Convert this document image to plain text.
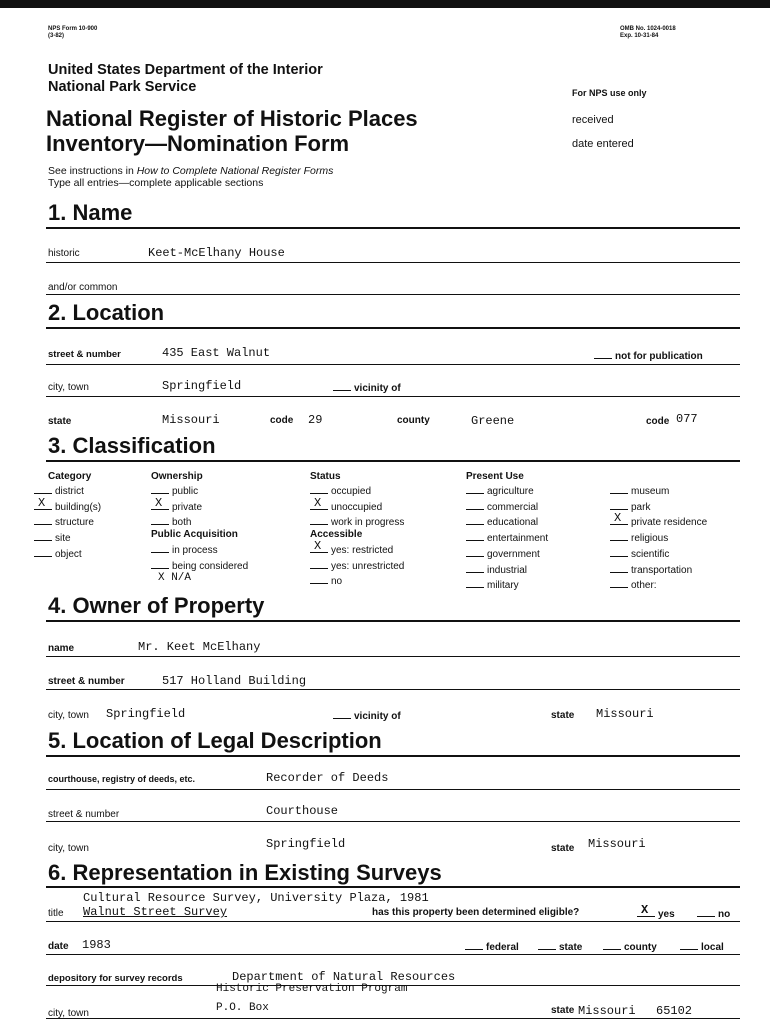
NPS Form 10-900
(3-82)
OMB No. 1024-0018
Exp. 10-31-84
United States Department of the Interior
National Park Service	For NPS use only
National Register of Historic Places
Inventory—Nomination Form
received
date entered
See instructions in How to Complete National Register Forms
Type all entries—complete applicable sections
1. Name
historic	Keet-McElhany House
and/or common
2. Location
street & number	435 East Walnut	not for publication
city, town	Springfield	vicinity of
state	Missouri	code 29	county	Greene	code 077
3. Classification
Category
district
X building(s)
structure
site
object
Ownership
public
X private
both
Public Acquisition
in process
being considered
X N/A
Status
occupied
X unoccupied
work in progress
Accessible
X yes: restricted
yes: unrestricted
no
Present Use
agriculture
commercial
educational
entertainment
government
industrial
military
museum
park
X private residence
religious
scientific
transportation
other:
4. Owner of Property
name	Mr. Keet McElhany
street & number	517 Holland Building
city, town Springfield	vicinity of	state Missouri
5. Location of Legal Description
courthouse, registry of deeds, etc.	Recorder of Deeds
street & number	Courthouse
city, town	Springfield	state Missouri
6. Representation in Existing Surveys
Cultural Resource Survey, University Plaza, 1981
title Walnut Street Survey	has this property been determined eligible?	X yes	no
date 1983	federal	state	county	local
depository for survey records	Department of Natural Resources
Historic Preservation Program
city, town	P.O. Box	state Missouri 65102
